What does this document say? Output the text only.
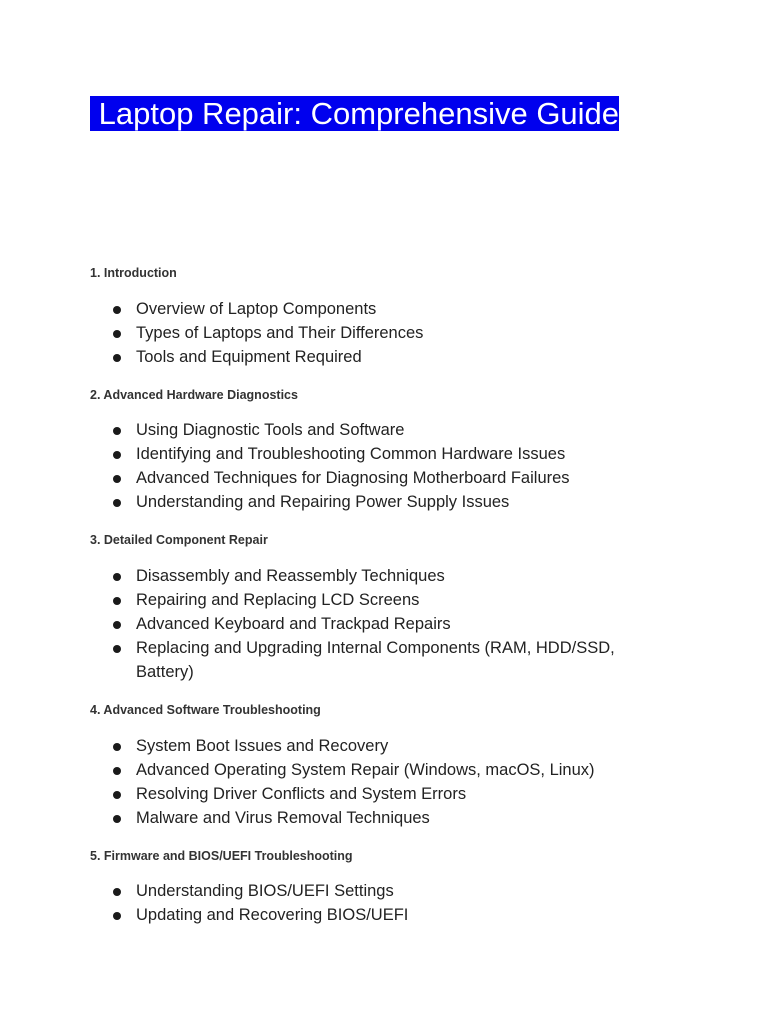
Laptop Repair: Comprehensive Guide
1. Introduction
Overview of Laptop Components
Types of Laptops and Their Differences
Tools and Equipment Required
2. Advanced Hardware Diagnostics
Using Diagnostic Tools and Software
Identifying and Troubleshooting Common Hardware Issues
Advanced Techniques for Diagnosing Motherboard Failures
Understanding and Repairing Power Supply Issues
3. Detailed Component Repair
Disassembly and Reassembly Techniques
Repairing and Replacing LCD Screens
Advanced Keyboard and Trackpad Repairs
Replacing and Upgrading Internal Components (RAM, HDD/SSD, Battery)
4. Advanced Software Troubleshooting
System Boot Issues and Recovery
Advanced Operating System Repair (Windows, macOS, Linux)
Resolving Driver Conflicts and System Errors
Malware and Virus Removal Techniques
5. Firmware and BIOS/UEFI Troubleshooting
Understanding BIOS/UEFI Settings
Updating and Recovering BIOS/UEFI
